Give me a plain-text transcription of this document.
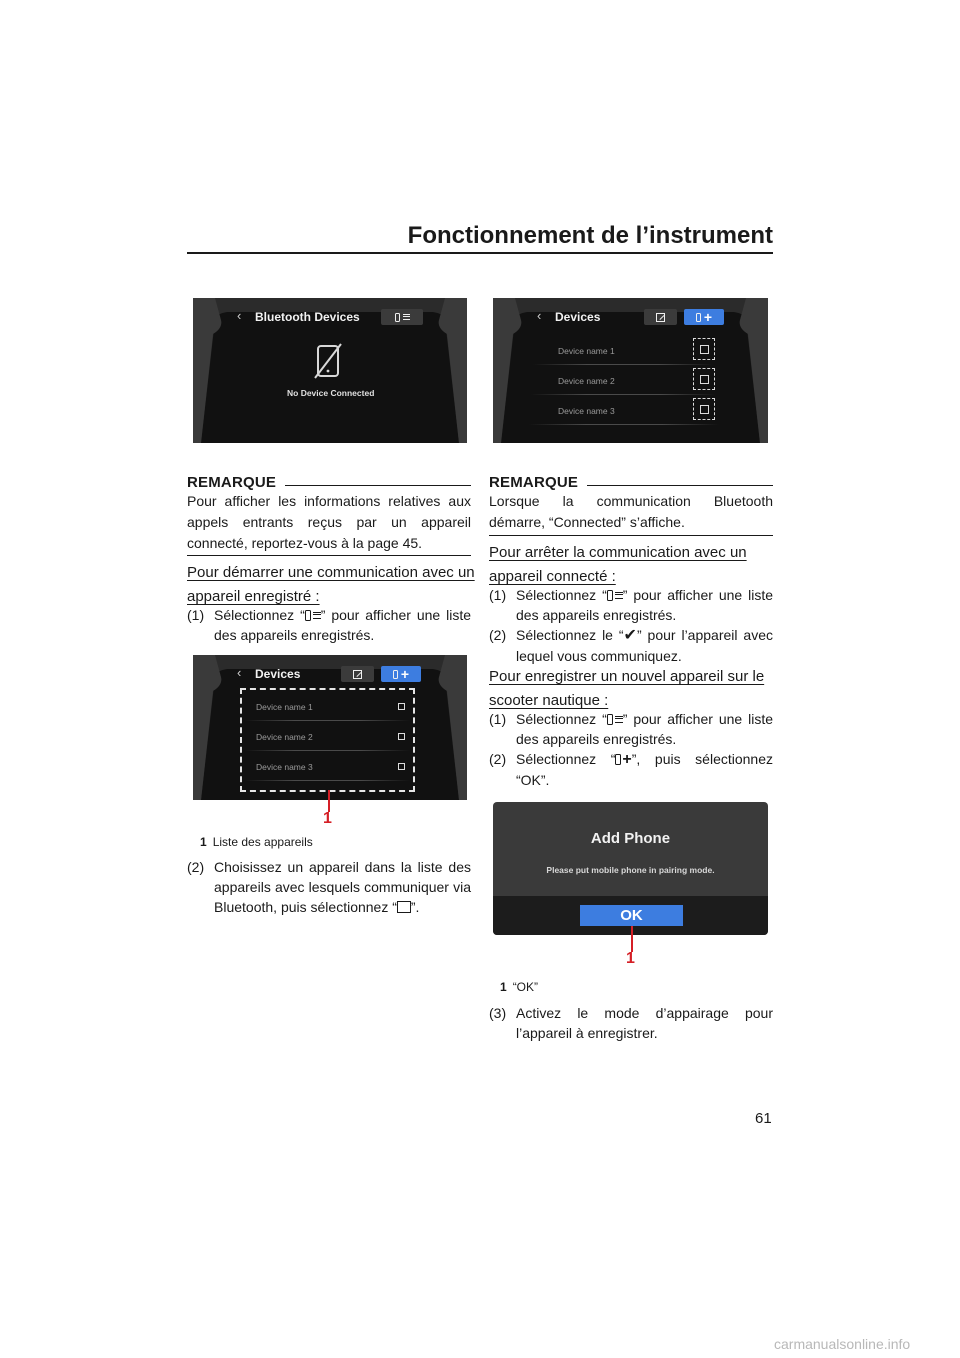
Fonctionnement de l’instrument
‹ Bluetooth Devices
No Device Connected
‹ Devices	+
Device name 1
Device name 2
Device name 3
REMARQUE
Pour afficher les informations relatives aux appels entrants reçus par un appareil connecté, reportez-vous à la page 45.
Pour démarrer une communication avec un appareil enregistré :
(1) Sélectionnez “ ” pour afficher une liste des appareils enregistrés.
‹ Devices	+
Device name 1
Device name 2
Device name 3
1
1 Liste des appareils
(2) Choisissez un appareil dans la liste des appareils avec lesquels communiquer via Bluetooth, puis sélectionnez “ ”.
REMARQUE
Lorsque la communication Bluetooth démarre, “Connected” s’affiche.
Pour arrêter la communication avec un appareil connecté :
(1) Sélectionnez “ ” pour afficher une liste des appareils enregistrés.
(2) Sélectionnez le “✔” pour l’appareil avec lequel vous communiquez.
Pour enregistrer un nouvel appareil sur le scooter nautique :
(1) Sélectionnez “ ” pour afficher une liste des appareils enregistrés.
(2) Sélectionnez “ +”, puis sélectionnez “OK”.
Add Phone
Please put mobile phone in pairing mode.
OK
1
1 “OK”
(3) Activez le mode d’appairage pour l’appareil à enregistrer.
61
carmanualsonline.info
